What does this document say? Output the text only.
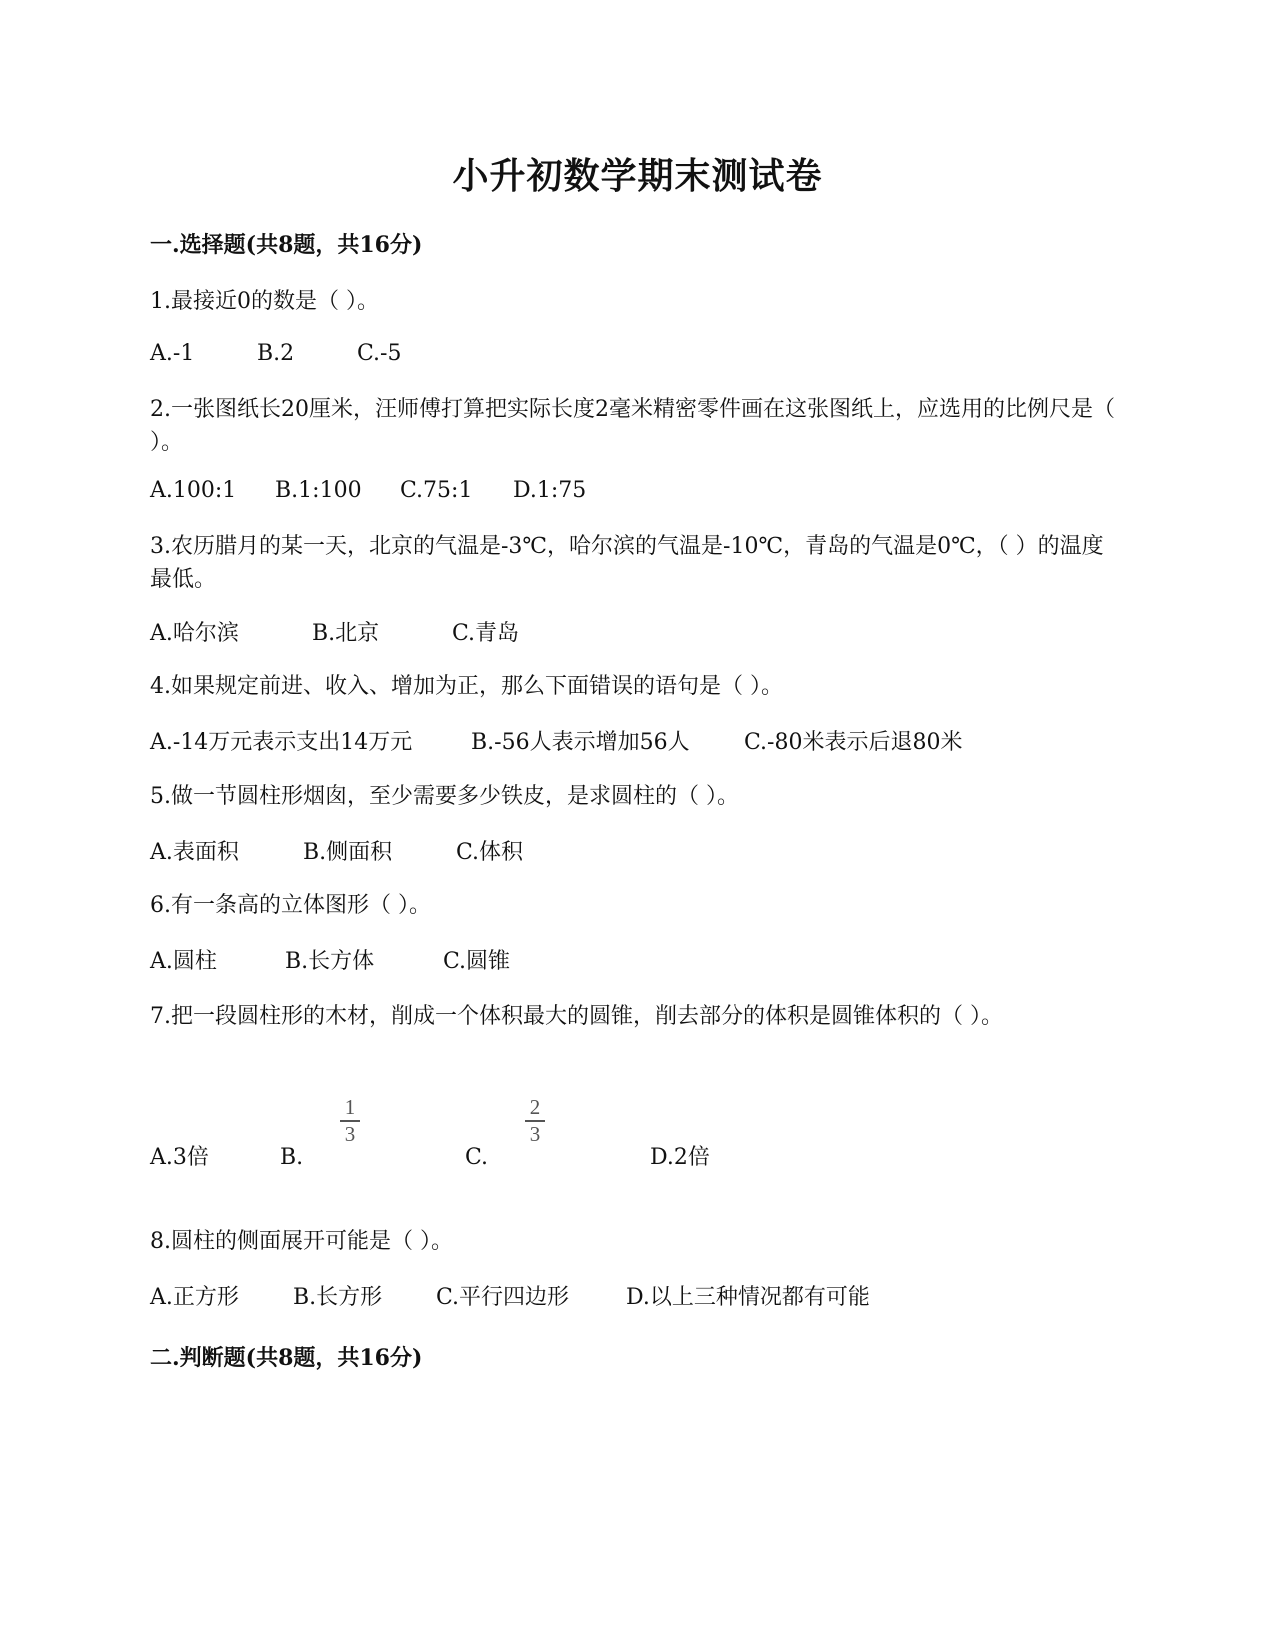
小升初数学期末测试卷
一.选择题(共8题，共16分)
1.最接近0的数是（ ）。
A.-1	B.2	C.-5
2.一张图纸长20厘米，汪师傅打算把实际长度2毫米精密零件画在这张图纸上，应选用的比例尺是（ ）。
A.100:1 B.1:100 C.75:1 D.1:75
3.农历腊月的某一天，北京的气温是-3℃，哈尔滨的气温是-10℃，青岛的气温是0℃，（ ）的温度最低。
A.哈尔滨	B.北京	C.青岛
4.如果规定前进、收入、增加为正，那么下面错误的语句是（ ）。
A.-14万元表示支出14万元	B.-56人表示增加56人 C.-80米表示后退80米
5.做一节圆柱形烟囱，至少需要多少铁皮，是求圆柱的（ ）。
A.表面积	B.侧面积	C.体积
6.有一条高的立体图形（ ）。
A.圆柱	B.长方体	C.圆锥
7.把一段圆柱形的木材，削成一个体积最大的圆锥，削去部分的体积是圆锥体积的（ ）。
A.3倍	B.	C.	D.2倍
1
3
2
3
8.圆柱的侧面展开可能是（ ）。
A.正方形 B.长方形 C.平行四边形	D.以上三种情况都有可能
二.判断题(共8题，共16分)
